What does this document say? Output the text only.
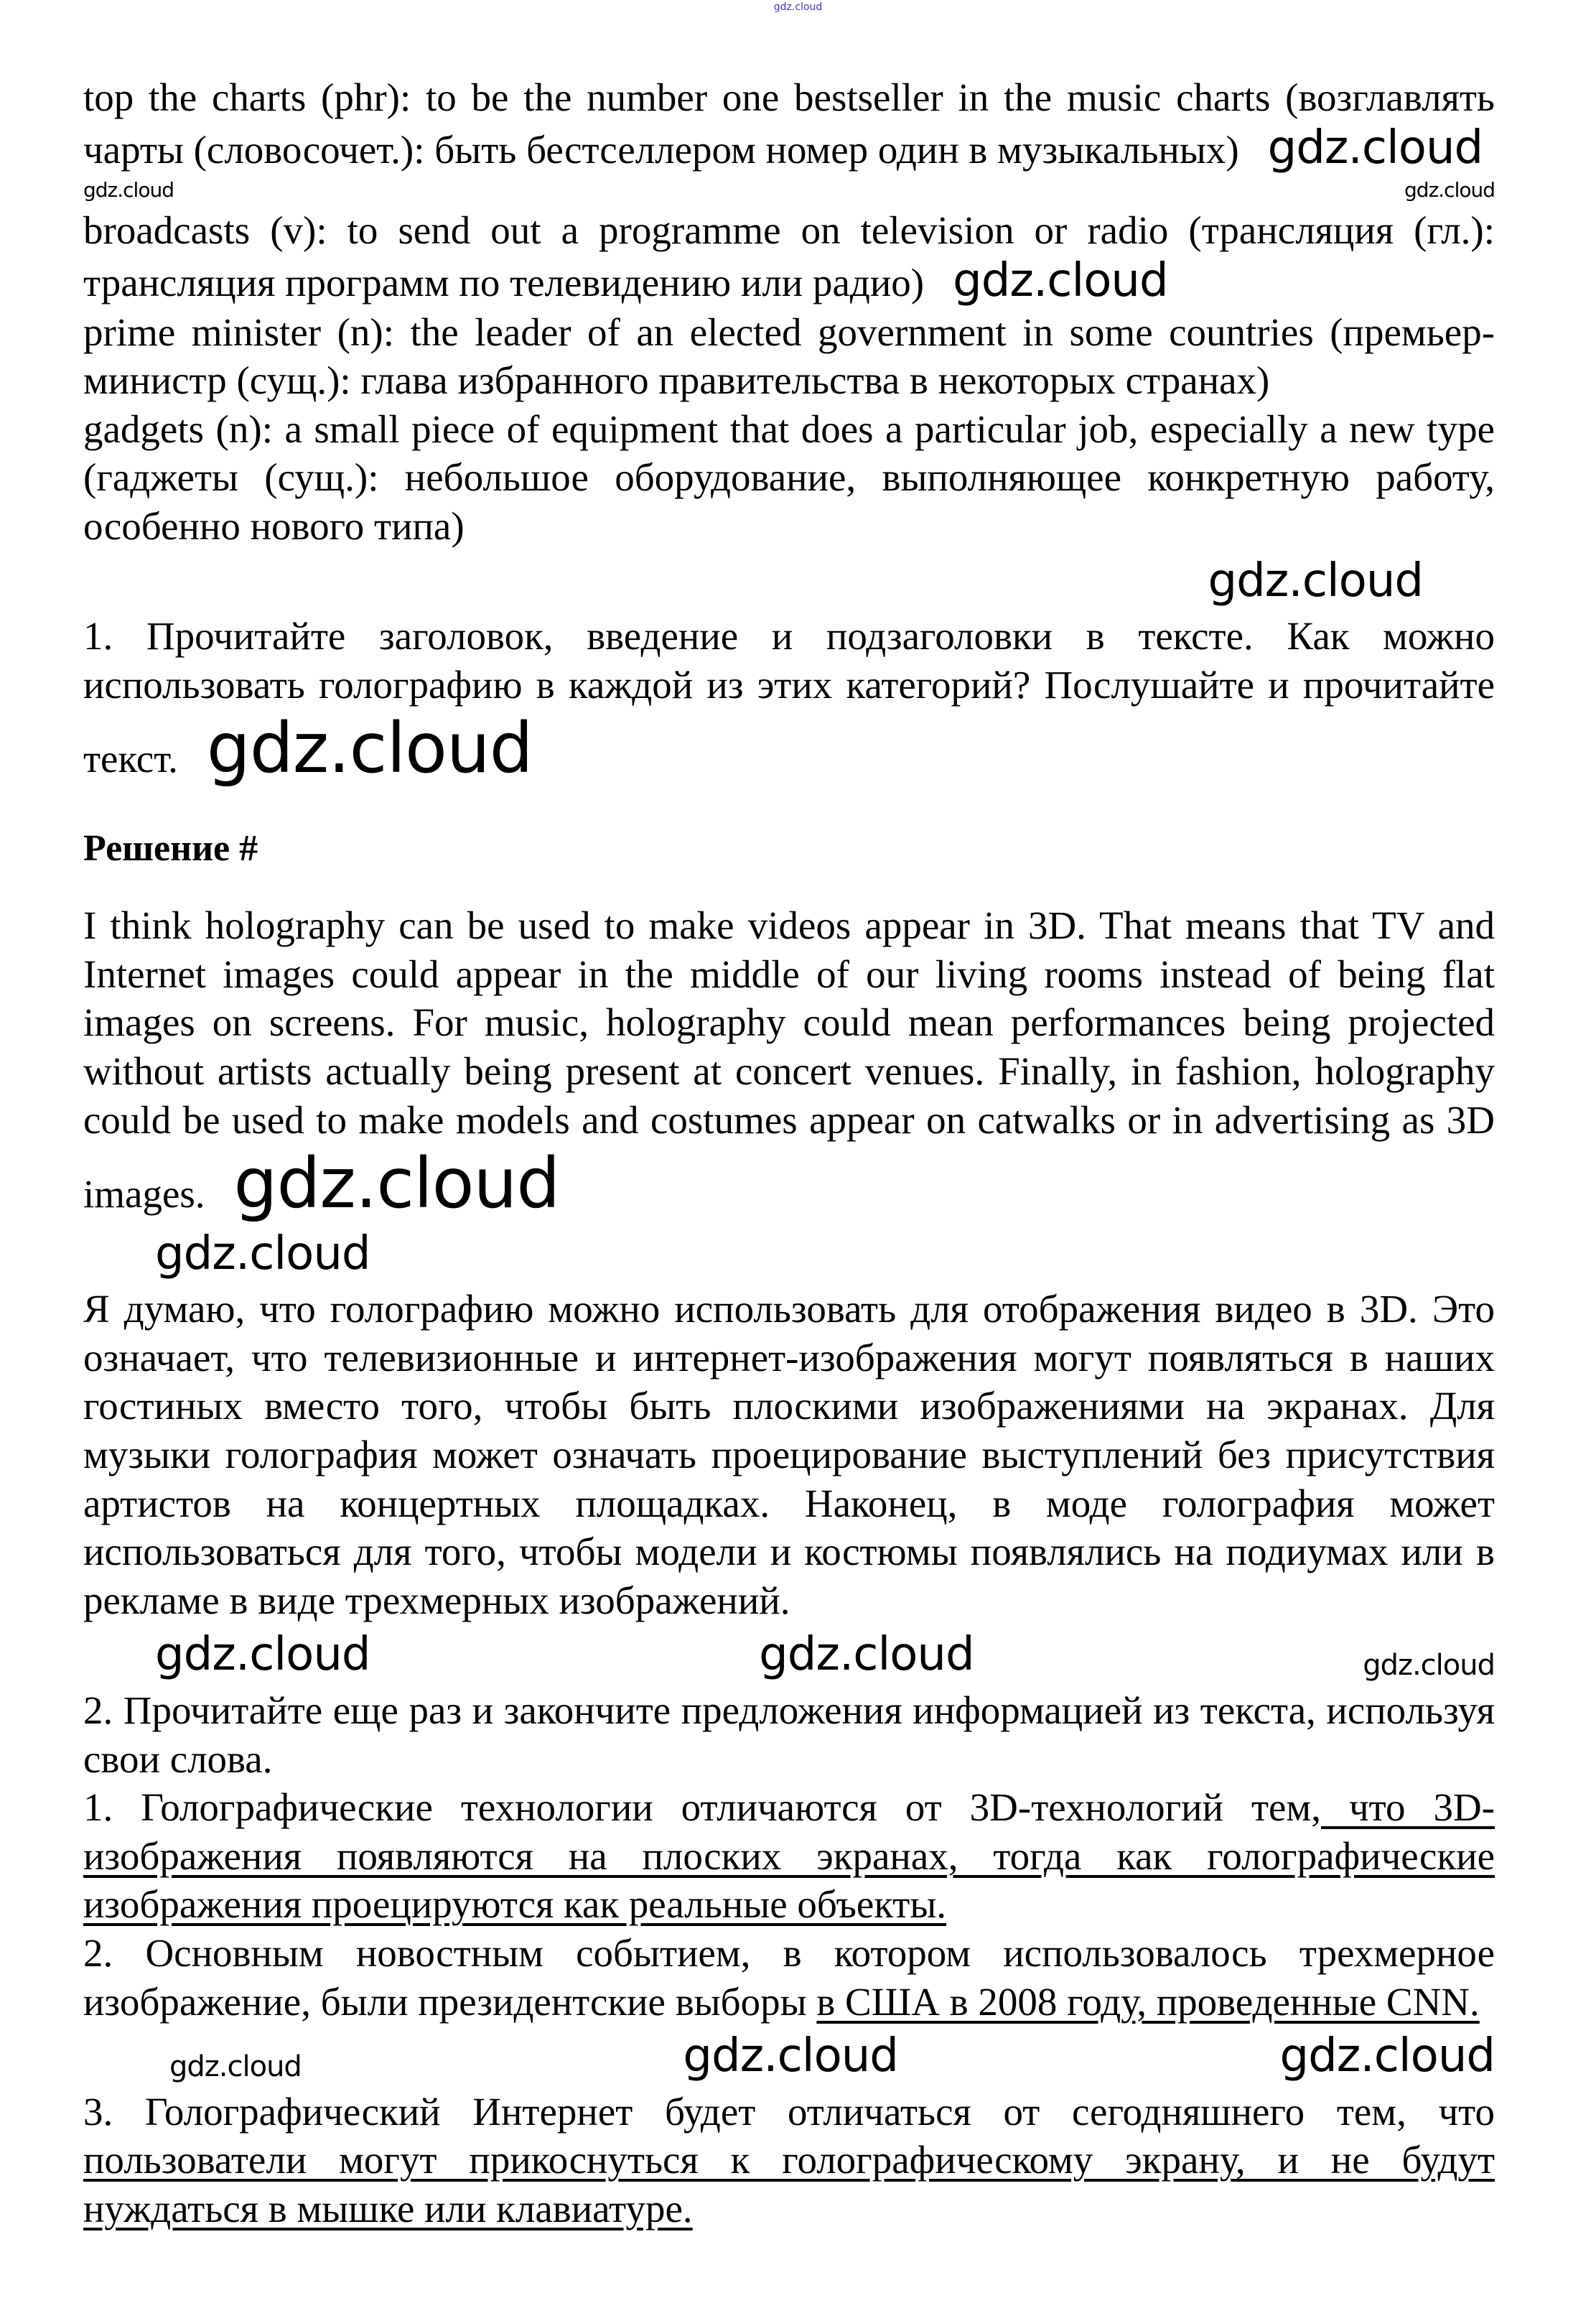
gdz.cloud

top the charts (phr): to be the number one bestseller in the music charts (возглавлять чарты (словосочет.): быть бестселлером номер один в музыкальных) gdz.cloud

gdz.cloud	gdz.cloud

broadcasts (v): to send out a programme on television or radio (трансляция (гл.): трансляция программ по телевидению или радио) gdz.cloud

prime minister (n): the leader of an elected government in some countries (премьер-министр (сущ.): глава избранного правительства в некоторых странах)

gadgets (n): a small piece of equipment that does a particular job, especially a new type (гаджеты (сущ.): небольшое оборудование, выполняющее конкретную работу, особенно нового типа)

gdz.cloud

1. Прочитайте заголовок, введение и подзаголовки в тексте. Как можно использовать голографию в каждой из этих категорий? Послушайте и прочитайте текст. gdz.cloud

Решение #

I think holography can be used to make videos appear in 3D. That means that TV and Internet images could appear in the middle of our living rooms instead of being flat images on screens. For music, holography could mean performances being projected without artists actually being present at concert venues. Finally, in fashion, holography could be used to make models and costumes appear on catwalks or in advertising as 3D images. gdz.cloud

gdz.cloud

Я думаю, что голографию можно использовать для отображения видео в 3D. Это означает, что телевизионные и интернет-изображения могут появляться в наших гостиных вместо того, чтобы быть плоскими изображениями на экранах. Для музыки голография может означать проецирование выступлений без присутствия артистов на концертных площадках. Наконец, в моде голография может использоваться для того, чтобы модели и костюмы появлялись на подиумах или в рекламе в виде трехмерных изображений.

gdz.cloud	gdz.cloud	gdz.cloud

2. Прочитайте еще раз и закончите предложения информацией из текста, используя свои слова.

1. Голографические технологии отличаются от 3D-технологий тем, что 3D-изображения появляются на плоских экранах, тогда как голографические изображения проецируются как реальные объекты.

2. Основным новостным событием, в котором использовалось трехмерное изображение, были президентские выборы в США в 2008 году, проведенные CNN.

gdz.cloud	gdz.cloud	gdz.cloud

3. Голографический Интернет будет отличаться от сегодняшнего тем, что пользователи могут прикоснуться к голографическому экрану, и не будут нуждаться в мышке или клавиатуре.
